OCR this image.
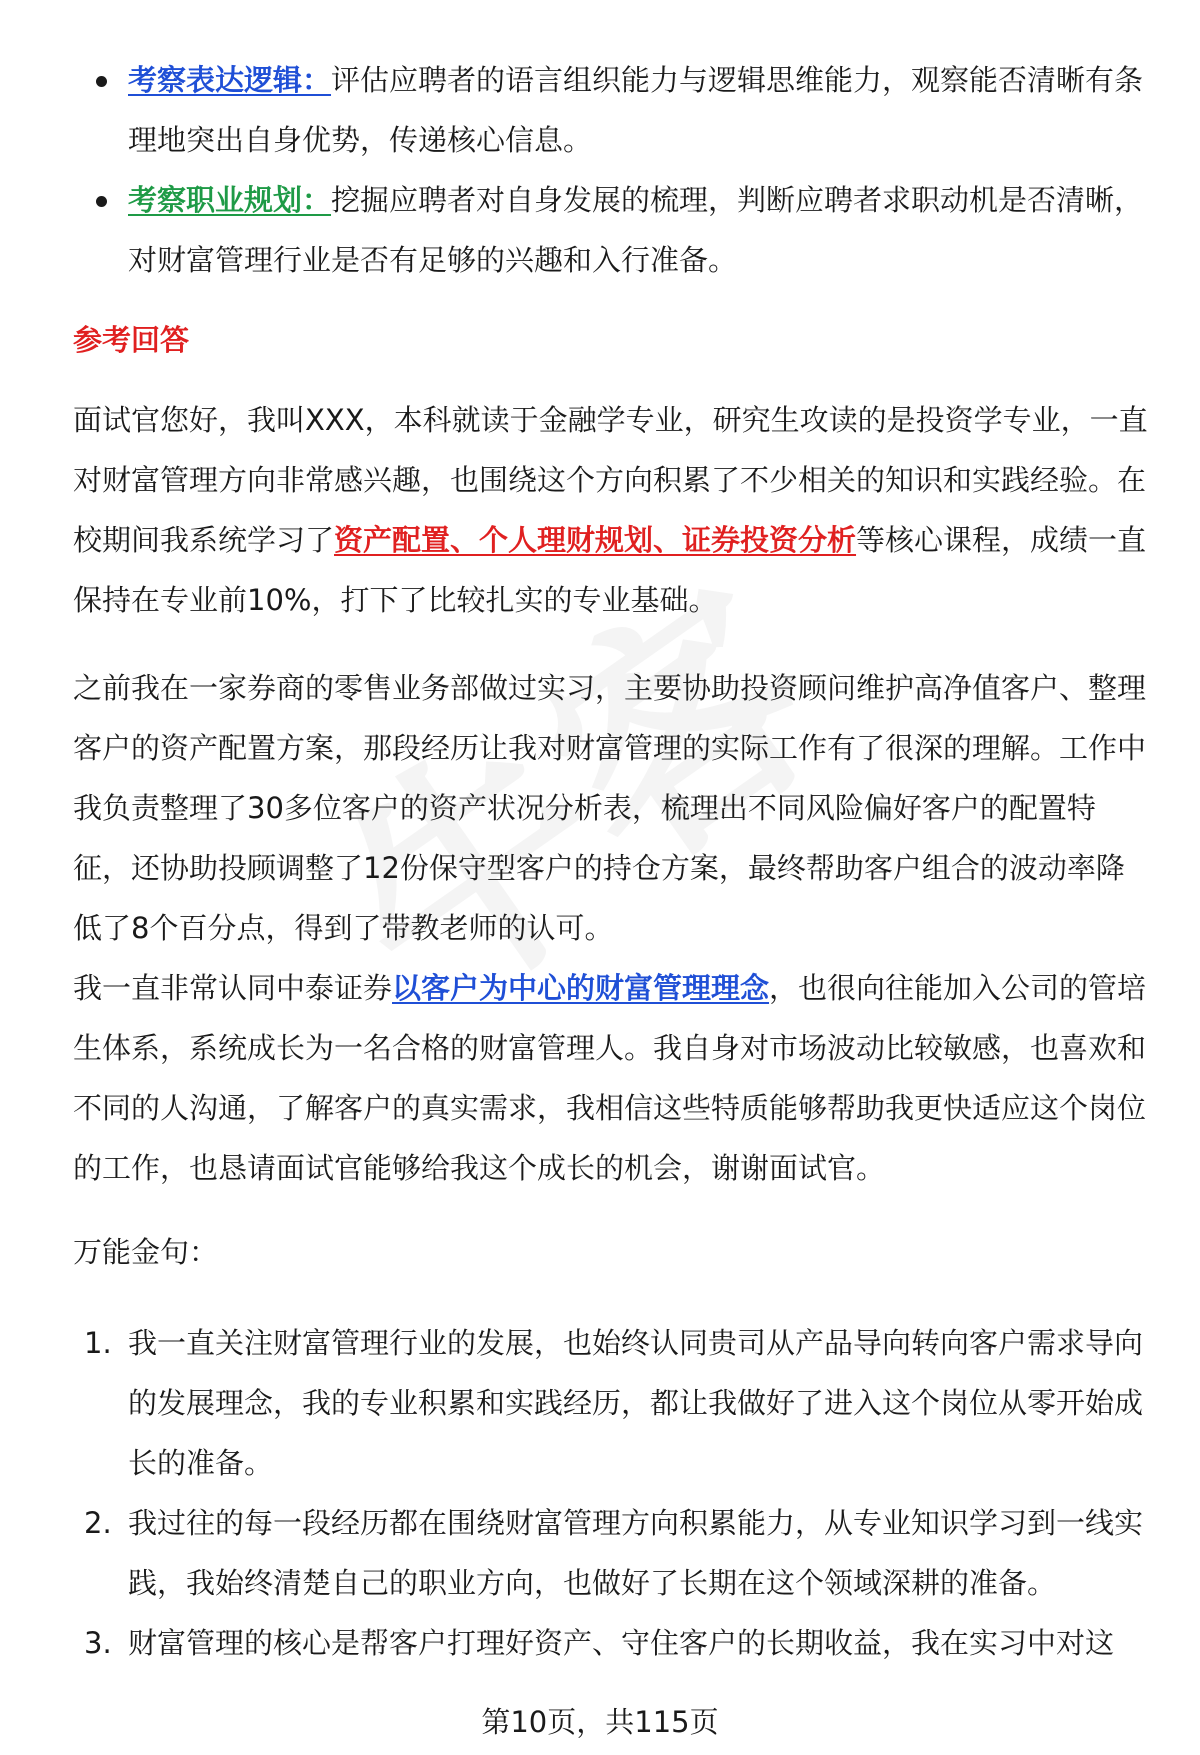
考察表达逻辑：评估应聘者的语言组织能力与逻辑思维能力，观察能否清晰有条理地突出自身优势，传递核心信息。
考察职业规划：挖掘应聘者对自身发展的梳理，判断应聘者求职动机是否清晰，对财富管理行业是否有足够的兴趣和入行准备。
参考回答

面试官您好，我叫XXX，本科就读于金融学专业，研究生攻读的是投资学专业，一直对财富管理方向非常感兴趣，也围绕这个方向积累了不少相关的知识和实践经验。在校期间我系统学习了资产配置、个人理财规划、证券投资分析等核心课程，成绩一直保持在专业前10%，打下了比较扎实的专业基础。

之前我在一家券商的零售业务部做过实习，主要协助投资顾问维护高净值客户、整理客户的资产配置方案，那段经历让我对财富管理的实际工作有了很深的理解。工作中我负责整理了30多位客户的资产状况分析表，梳理出不同风险偏好客户的配置特征，还协助投顾调整了12份保守型客户的持仓方案，最终帮助客户组合的波动率降低了8个百分点，得到了带教老师的认可。

我一直非常认同中泰证券以客户为中心的财富管理理念，也很向往能加入公司的管培生体系，系统成长为一名合格的财富管理人。我自身对市场波动比较敏感，也喜欢和不同的人沟通，了解客户的真实需求，我相信这些特质能够帮助我更快适应这个岗位的工作，也恳请面试官能够给我这个成长的机会，谢谢面试官。

万能金句：
1. 我一直关注财富管理行业的发展，也始终认同贵司从产品导向转向客户需求导向的发展理念，我的专业积累和实践经历，都让我做好了进入这个岗位从零开始成长的准备。
2. 我过往的每一段经历都在围绕财富管理方向积累能力，从专业知识学习到一线实践，我始终清楚自己的职业方向，也做好了长期在这个领域深耕的准备。
3. 财富管理的核心是帮客户打理好资产、守住客户的长期收益，我在实习中对这
第10页，共115页
